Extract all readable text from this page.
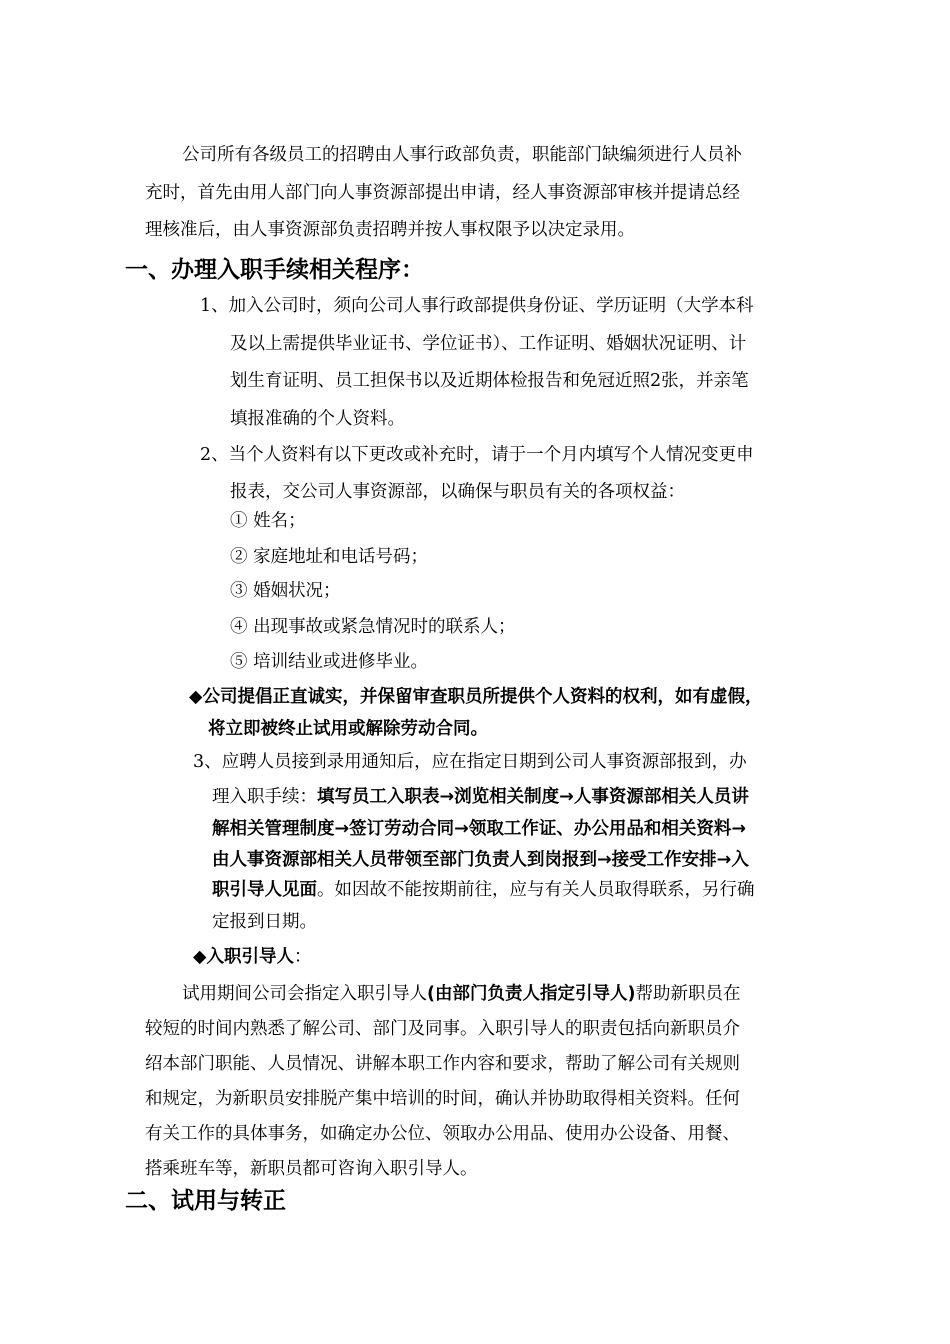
公司所有各级员工的招聘由人事行政部负责，职能部门缺编须进行人员补
充时，首先由用人部门向人事资源部提出申请，经人事资源部审核并提请总经
理核准后，由人事资源部负责招聘并按人事权限予以决定录用。
一、办理入职手续相关程序：
1、加入公司时，须向公司人事行政部提供身份证、学历证明（大学本科
及以上需提供毕业证书、学位证书）、工作证明、婚姻状况证明、计
划生育证明、员工担保书以及近期体检报告和免冠近照2张，并亲笔
填报准确的个人资料。
2、当个人资料有以下更改或补充时，请于一个月内填写个人情况变更申
报表，交公司人事资源部，以确保与职员有关的各项权益：
① 姓名；
② 家庭地址和电话号码；
③ 婚姻状况；
④ 出现事故或紧急情况时的联系人；
⑤ 培训结业或进修毕业。
◆公司提倡正直诚实，并保留审查职员所提供个人资料的权利，如有虚假，
将立即被终止试用或解除劳动合同。
3、应聘人员接到录用通知后，应在指定日期到公司人事资源部报到，办
理入职手续：填写员工入职表→浏览相关制度→人事资源部相关人员讲
解相关管理制度→签订劳动合同→领取工作证、办公用品和相关资料→
由人事资源部相关人员带领至部门负责人到岗报到→接受工作安排→入
职引导人见面。如因故不能按期前往，应与有关人员取得联系，另行确
定报到日期。
◆入职引导人：
试用期间公司会指定入职引导人(由部门负责人指定引导人)帮助新职员在
较短的时间内熟悉了解公司、部门及同事。入职引导人的职责包括向新职员介
绍本部门职能、人员情况、讲解本职工作内容和要求，帮助了解公司有关规则
和规定，为新职员安排脱产集中培训的时间，确认并协助取得相关资料。任何
有关工作的具体事务，如确定办公位、领取办公用品、使用办公设备、用餐、
搭乘班车等，新职员都可咨询入职引导人。
二、试用与转正
